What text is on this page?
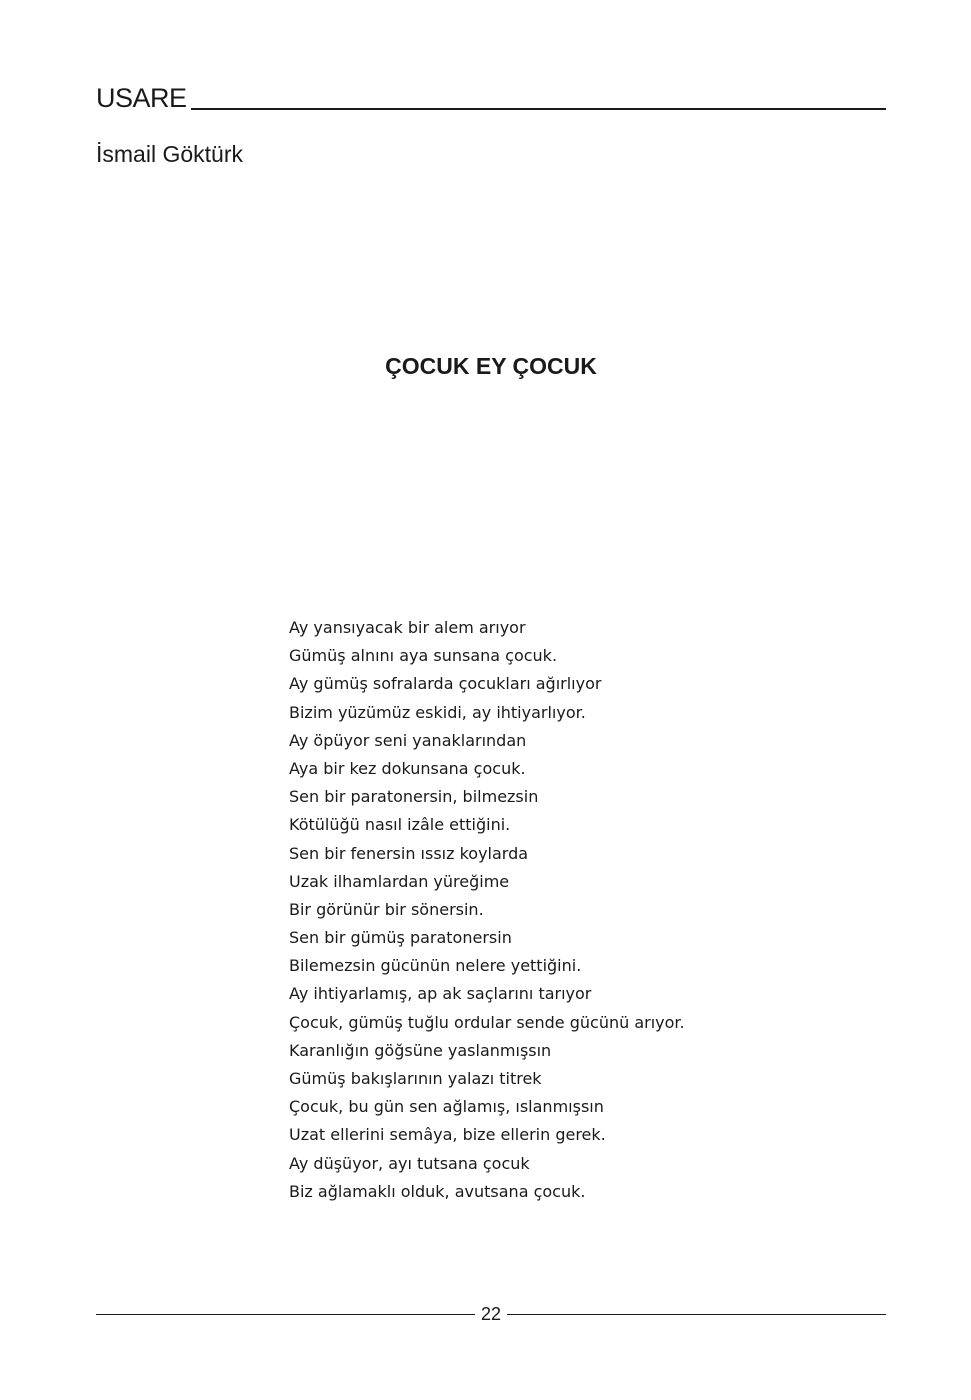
USARE
İsmail Göktürk
ÇOCUK EY ÇOCUK
Ay yansıyacak bir alem arıyor
Gümüş alnını aya sunsana çocuk.
Ay gümüş sofralarda çocukları ağırlıyor
Bizim yüzümüz eskidi, ay ihtiyarlıyor.
Ay öpüyor seni yanaklarından
Aya bir kez dokunsana çocuk.
Sen bir paratonersin, bilmezsin
Kötülüğü nasıl izâle ettiğini.
Sen bir fenersin ıssız koylarda
Uzak ilhamlardan yüreğime
Bir görünür bir sönersin.
Sen bir gümüş paratonersin
Bilemezsin gücünün nelere yettiğini.
Ay ihtiyarlamış, ap ak saçlarını tarıyor
Çocuk, gümüş tuğlu ordular sende gücünü arıyor.
Karanlığın göğsüne yaslanmışsın
Gümüş bakışlarının yalazı titrek
Çocuk, bu gün sen ağlamış, ıslanmışsın
Uzat ellerini semâya, bize ellerin gerek.
Ay düşüyor, ayı tutsana çocuk
Biz ağlamaklı olduk, avutsana çocuk.
22
